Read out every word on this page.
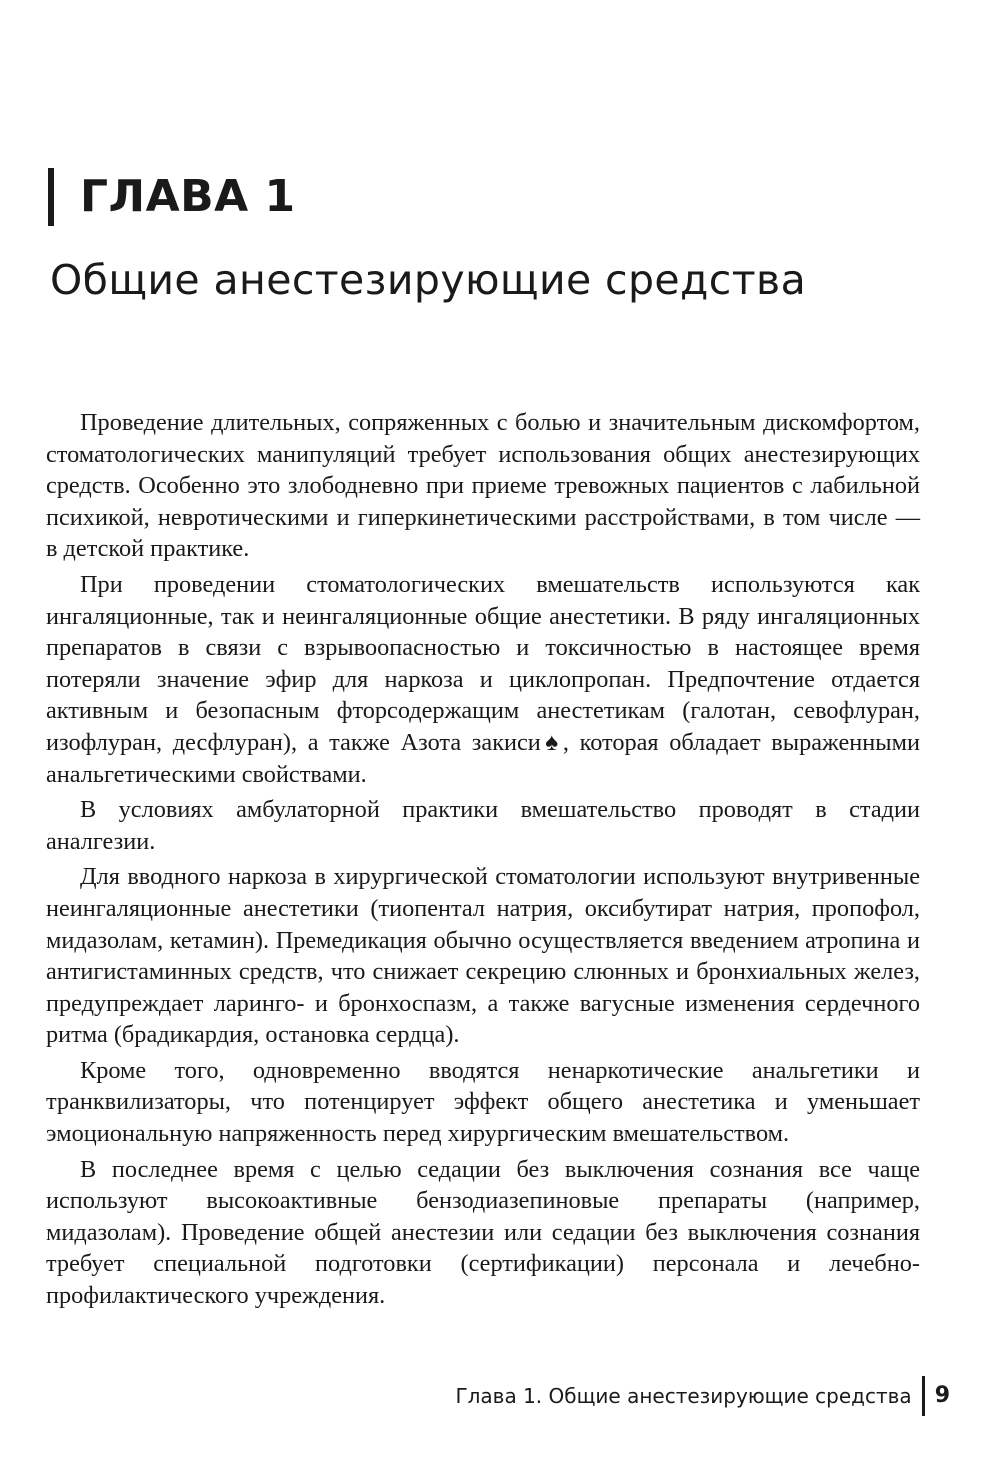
ГЛАВА 1
Общие анестезирующие средства

Проведение длительных, сопряженных с болью и значительным дискомфортом, стоматологических манипуляций требует использования общих анестезирующих средств. Особенно это злободневно при приеме тревожных пациентов с лабильной психикой, невротическими и гиперкинетическими расстройствами, в том числе — в детской практике.

При проведении стоматологических вмешательств используются как ингаляционные, так и неингаляционные общие анестетики. В ряду ингаляционных препаратов в связи с взрывоопасностью и токсичностью в настоящее время потеряли значение эфир для наркоза и циклопропан. Предпочтение отдается активным и безопасным фторсодержащим анестетикам (галотан, севофлуран, изофлуран, десфлуран), а также Азота закиси♠, которая обладает выраженными анальгетическими свойствами.

В условиях амбулаторной практики вмешательство проводят в стадии аналгезии.

Для вводного наркоза в хирургической стоматологии используют внутривенные неингаляционные анестетики (тиопентал натрия, оксибутират натрия, пропофол, мидазолам, кетамин). Премедикация обычно осуществляется введением атропина и антигистаминных средств, что снижает секрецию слюнных и бронхиальных желез, предупреждает ларинго- и бронхоспазм, а также вагусные изменения сердечного ритма (брадикардия, остановка сердца).

Кроме того, одновременно вводятся ненаркотические анальгетики и транквилизаторы, что потенцирует эффект общего анестетика и уменьшает эмоциональную напряженность перед хирургическим вмешательством.

В последнее время с целью седации без выключения сознания все чаще используют высокоактивные бензодиазепиновые препараты (например, мидазолам). Проведение общей анестезии или седации без выключения сознания требует специальной подготовки (сертификации) персонала и лечебно-профилактического учреждения.

Глава 1. Общие анестезирующие средства 9
